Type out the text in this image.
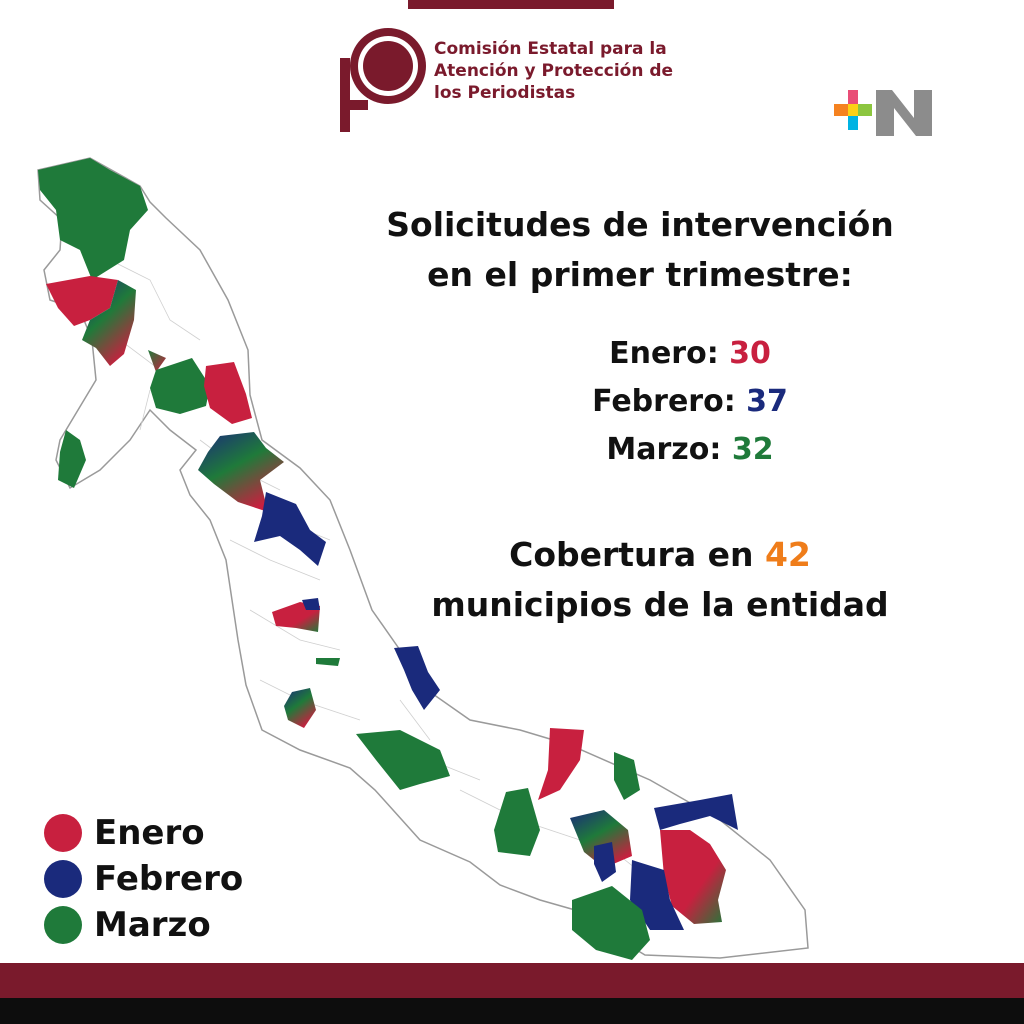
Comisión Estatal para la
Atención y Protección de
los Periodistas
Solicitudes de intervención
en el primer trimestre:
Enero: 30
Febrero: 37
Marzo: 32
Cobertura en 42
municipios de la entidad
Enero
Febrero
Marzo
